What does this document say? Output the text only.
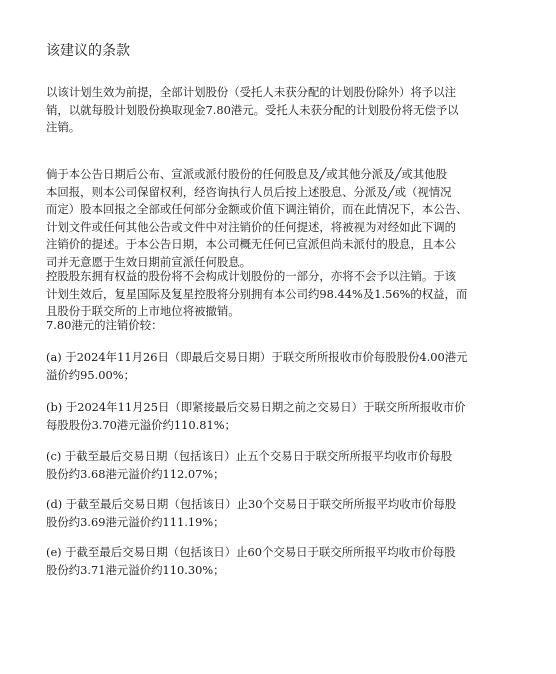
该建议的条款

以该计划生效为前提，全部计划股份（受托人未获分配的计划股份除外）将予以注
销，以就每股计划股份换取现金7.80港元。受托人未获分配的计划股份将无偿予以
注销。

倘于本公告日期后公布、宣派或派付股份的任何股息及╱或其他分派及╱或其他股
本回报，则本公司保留权利，经咨询执行人员后按上述股息、分派及╱或（视情况
而定）股本回报之全部或任何部分金额或价值下调注销价，而在此情况下，本公告、
计划文件或任何其他公告或文件中对注销价的任何提述，将被视为对经如此下调的
注销价的提述。于本公告日期，本公司概无任何已宣派但尚未派付的股息，且本公
司并无意愿于生效日期前宣派任何股息。

控股股东拥有权益的股份将不会构成计划股份的一部分，亦将不会予以注销。于该
计划生效后，复星国际及复星控股将分别拥有本公司约98.44%及1.56%的权益，而
且股份于联交所的上市地位将被撤销。

7.80港元的注销价较：

(a) 于2024年11月26日（即最后交易日期）于联交所所报收市价每股股份4.00港元
溢价约95.00%；

(b) 于2024年11月25日（即紧接最后交易日期之前之交易日）于联交所所报收市价
每股股份3.70港元溢价约110.81%；

(c) 于截至最后交易日期（包括该日）止五个交易日于联交所所报平均收市价每股
股份约3.68港元溢价约112.07%；

(d) 于截至最后交易日期（包括该日）止30个交易日于联交所所报平均收市价每股
股份约3.69港元溢价约111.19%；

(e) 于截至最后交易日期（包括该日）止60个交易日于联交所所报平均收市价每股
股份约3.71港元溢价约110.30%；
